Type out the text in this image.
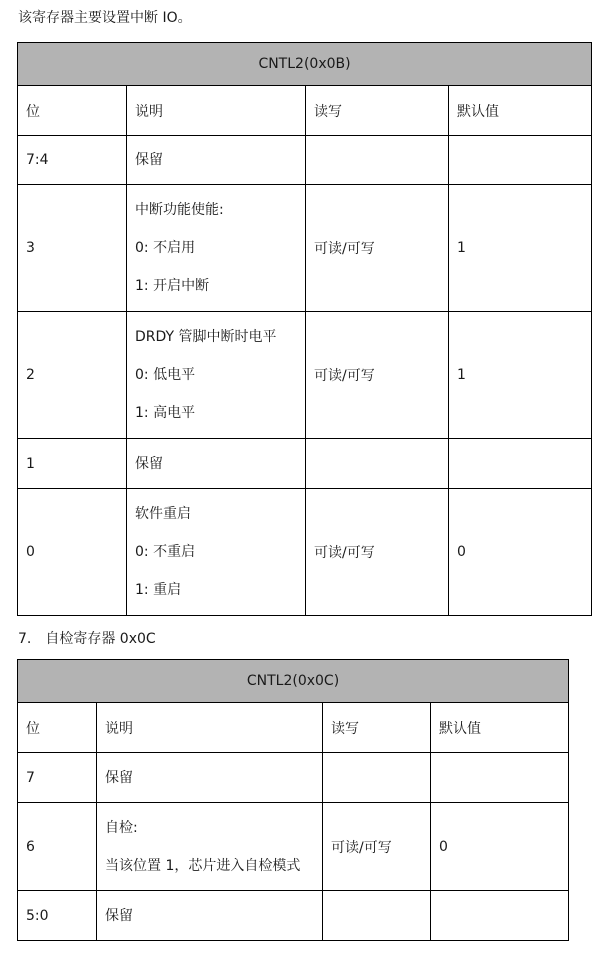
该寄存器主要设置中断 IO。
CNTL2(0x0B)			
位	说明	读写	默认值
7:4	保留		

3	中断功能使能:
0: 不启用
1: 开启中断	可读/可写	1
2	DRDY 管脚中断时电平
0: 低电平
1: 高电平	可读/可写	1
1	保留		

0	软件重启
0: 不重启
1: 重启	可读/可写	0
7. 自检寄存器 0x0C
CNTL2(0x0C)			
位	说明	读写	默认值
7	保留		

6	自检:
当该位置 1，芯片进入自检模式	可读/可写	0
5:0	保留		
